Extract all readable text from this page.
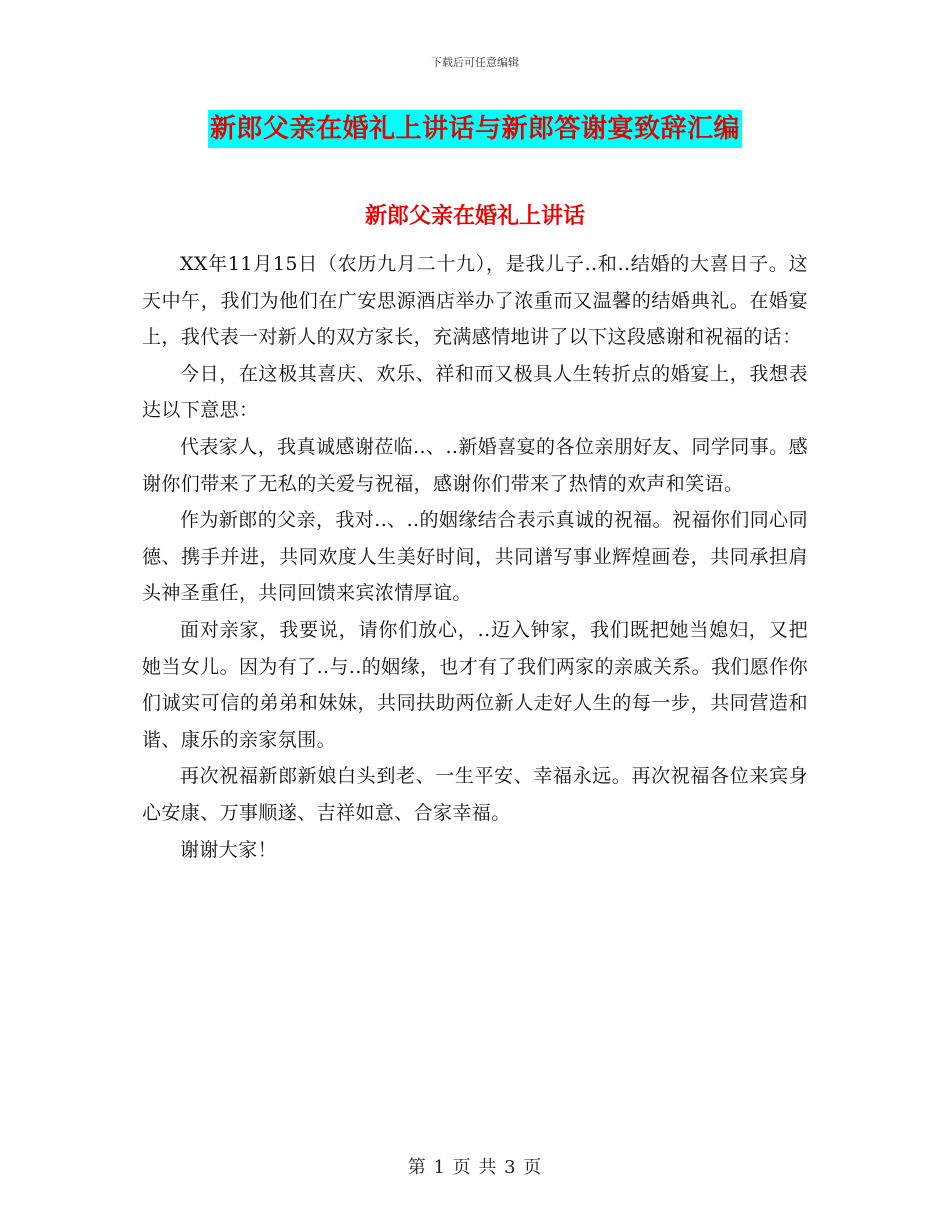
下载后可任意编辑
新郎父亲在婚礼上讲话与新郎答谢宴致辞汇编
新郎父亲在婚礼上讲话

XX年11月15日（农历九月二十九），是我儿子..和..结婚的大喜日子。这天中午，我们为他们在广安思源酒店举办了浓重而又温馨的结婚典礼。在婚宴上，我代表一对新人的双方家长，充满感情地讲了以下这段感谢和祝福的话：

今日，在这极其喜庆、欢乐、祥和而又极具人生转折点的婚宴上，我想表达以下意思：

代表家人，我真诚感谢莅临..、..新婚喜宴的各位亲朋好友、同学同事。感谢你们带来了无私的关爱与祝福，感谢你们带来了热情的欢声和笑语。

作为新郎的父亲，我对..、..的姻缘结合表示真诚的祝福。祝福你们同心同德、携手并进，共同欢度人生美好时间，共同谱写事业辉煌画卷，共同承担肩头神圣重任，共同回馈来宾浓情厚谊。

面对亲家，我要说，请你们放心，..迈入钟家，我们既把她当媳妇，又把她当女儿。因为有了..与..的姻缘，也才有了我们两家的亲戚关系。我们愿作你们诚实可信的弟弟和妹妹，共同扶助两位新人走好人生的每一步，共同营造和谐、康乐的亲家氛围。

再次祝福新郎新娘白头到老、一生平安、幸福永远。再次祝福各位来宾身心安康、万事顺遂、吉祥如意、合家幸福。

谢谢大家！

第 1 页 共 3 页
